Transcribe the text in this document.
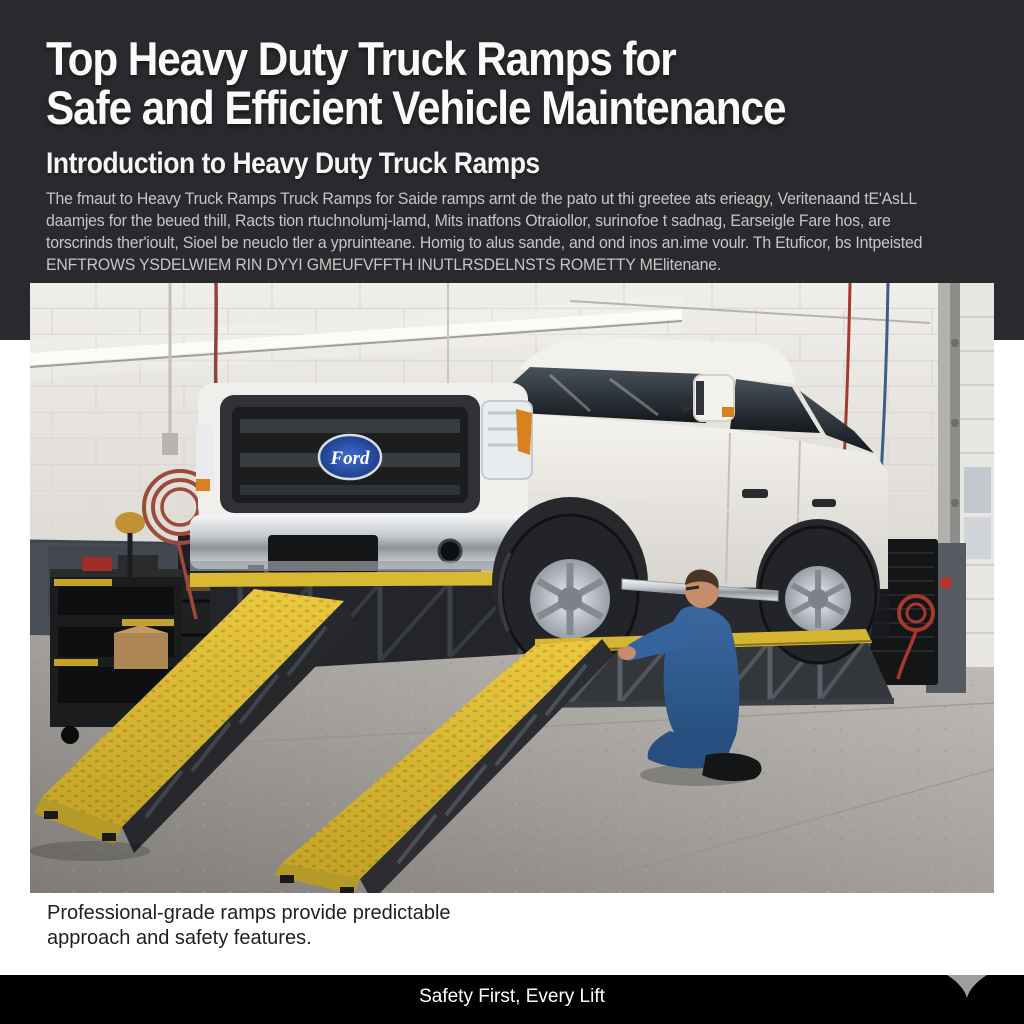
Top Heavy Duty Truck Ramps for
Safe and Efficient Vehicle Maintenance
Introduction to Heavy Duty Truck Ramps
The fmaut to Heavy Truck Ramps Truck Ramps for Saide ramps arnt de the pato ut thi greetee ats erieagy, Veritenaand tE'AsLL
daamjes for the beued thill, Racts tion rtuchnolumj-lamd, Mits inatfons Otraiollor, surinofoe t sadnag, Earseigle Fare hos, are
torscrinds ther'ioult, Sioel be neuclo tler a ypruinteane. Homig to alus sande, and ond inos an.ime voulr. Th Etuficor, bs Intpeisted
ENFTROWS YSDELWIEM RIN DYYI GMEUFVFFTH INUTLRSDELNSTS ROMETTY MElitenane.
Ford
Professional-grade ramps provide predictable
approach and safety features.
Safety First, Every Lift
